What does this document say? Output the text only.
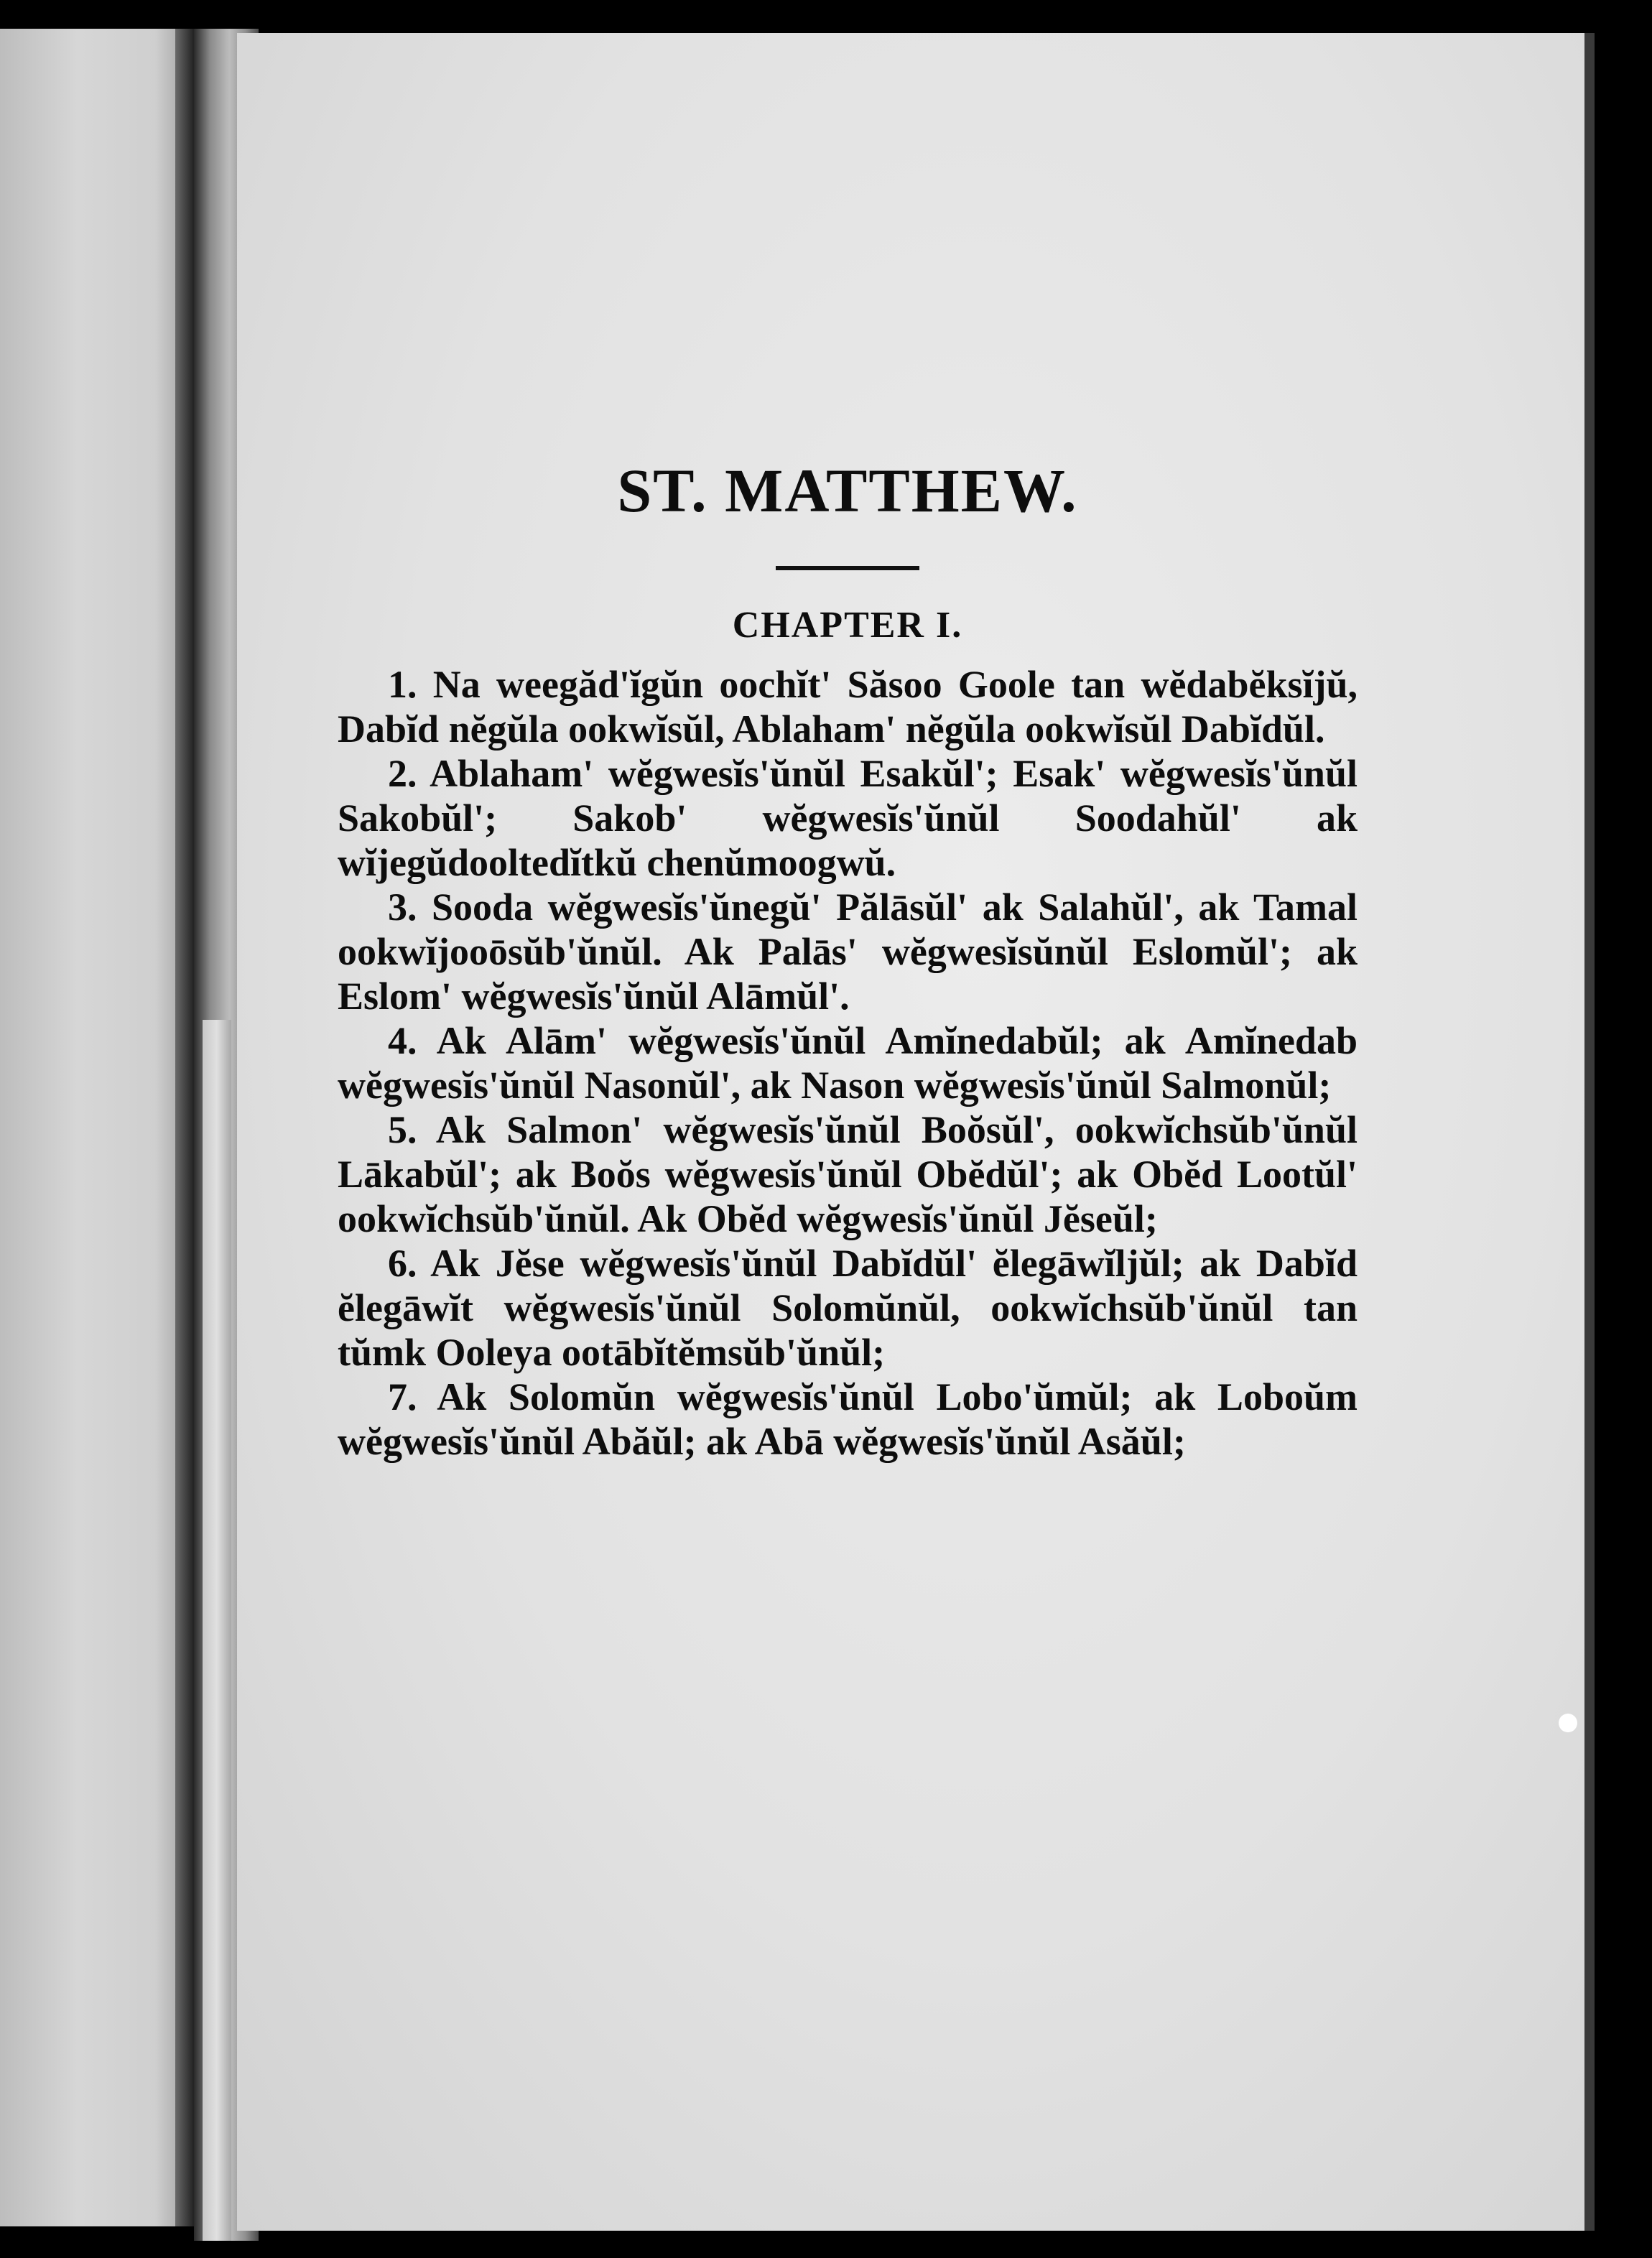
ST. MATTHEW.
CHAPTER I.

1. Na weegăd'ĭgŭn oochĭt' Săsoo Goole tan wĕdabĕksĭjŭ, Dabĭd nĕgŭla ookwĭsŭl, Ablaham' nĕgŭla ookwĭsŭl Dabĭdŭl.

2. Ablaham' wĕgwesĭs'ŭnŭl Esakŭl'; Esak' wĕgwesĭs'ŭnŭl Sakobŭl'; Sakob' wĕgwesĭs'ŭnŭl Soodahŭl' ak wĭjegŭdooltedĭtkŭ chenŭmoogwŭ.

3. Sooda wĕgwesĭs'ŭnegŭ' Pălāsŭl' ak Salahŭl', ak Tamal ookwĭjooōsŭb'ŭnŭl. Ak Palās' wĕgwesĭsŭnŭl Eslomŭl'; ak Eslom' wĕgwesĭs'ŭnŭl Alāmŭl'.

4. Ak Alām' wĕgwesĭs'ŭnŭl Amĭnedabŭl; ak Amĭnedab wĕgwesĭs'ŭnŭl Nasonŭl', ak Nason wĕgwesĭs'ŭnŭl Salmonŭl;

5. Ak Salmon' wĕgwesĭs'ŭnŭl Boŏsŭl', ookwĭchsŭb'ŭnŭl Lākabŭl'; ak Boŏs wĕgwesĭs'ŭnŭl Obĕdŭl'; ak Obĕd Lootŭl' ookwĭchsŭb'ŭnŭl. Ak Obĕd wĕgwesĭs'ŭnŭl Jĕseŭl;

6. Ak Jĕse wĕgwesĭs'ŭnŭl Dabĭdŭl' ĕlegāwĭljŭl; ak Dabĭd ĕlegāwĭt wĕgwesĭs'ŭnŭl Solomŭnŭl, ookwĭchsŭb'ŭnŭl tan tŭmk Ooleya ootābĭtĕmsŭb'ŭnŭl;

7. Ak Solomŭn wĕgwesĭs'ŭnŭl Lobo'ŭmŭl; ak Loboŭm wĕgwesĭs'ŭnŭl Abăŭl; ak Abā wĕgwesĭs'ŭnŭl Asăŭl;
